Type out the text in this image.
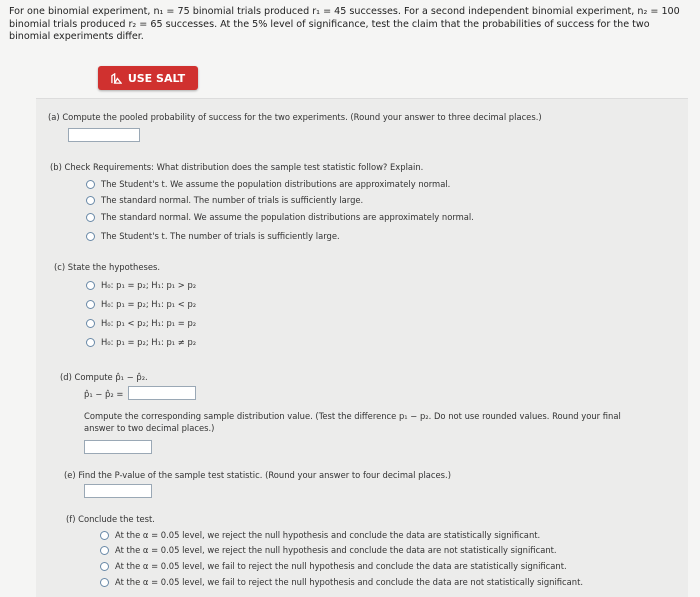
For one binomial experiment, n₁ = 75 binomial trials produced r₁ = 45 successes. For a second independent binomial experiment, n₂ = 100
binomial trials produced r₂ = 65 successes. At the 5% level of significance, test the claim that the probabilities of success for the two
binomial experiments differ.
USE SALT
(a) Compute the pooled probability of success for the two experiments. (Round your answer to three decimal places.)
(b) Check Requirements: What distribution does the sample test statistic follow? Explain.
The Student's t. We assume the population distributions are approximately normal.
The standard normal. The number of trials is sufficiently large.
The standard normal. We assume the population distributions are approximately normal.
The Student's t. The number of trials is sufficiently large.
(c) State the hypotheses.
H₀: p₁ = p₂; H₁: p₁ > p₂
H₀: p₁ = p₂; H₁: p₁ < p₂
H₀: p₁ < p₂; H₁: p₁ = p₂
H₀: p₁ = p₂; H₁: p₁ ≠ p₂
(d) Compute p̂₁ − p̂₂.
p̂₁ − p̂₂ =
Compute the corresponding sample distribution value. (Test the difference p₁ − p₂. Do not use rounded values. Round your final
answer to two decimal places.)
(e) Find the P-value of the sample test statistic. (Round your answer to four decimal places.)
(f) Conclude the test.
At the α = 0.05 level, we reject the null hypothesis and conclude the data are statistically significant.
At the α = 0.05 level, we reject the null hypothesis and conclude the data are not statistically significant.
At the α = 0.05 level, we fail to reject the null hypothesis and conclude the data are statistically significant.
At the α = 0.05 level, we fail to reject the null hypothesis and conclude the data are not statistically significant.
